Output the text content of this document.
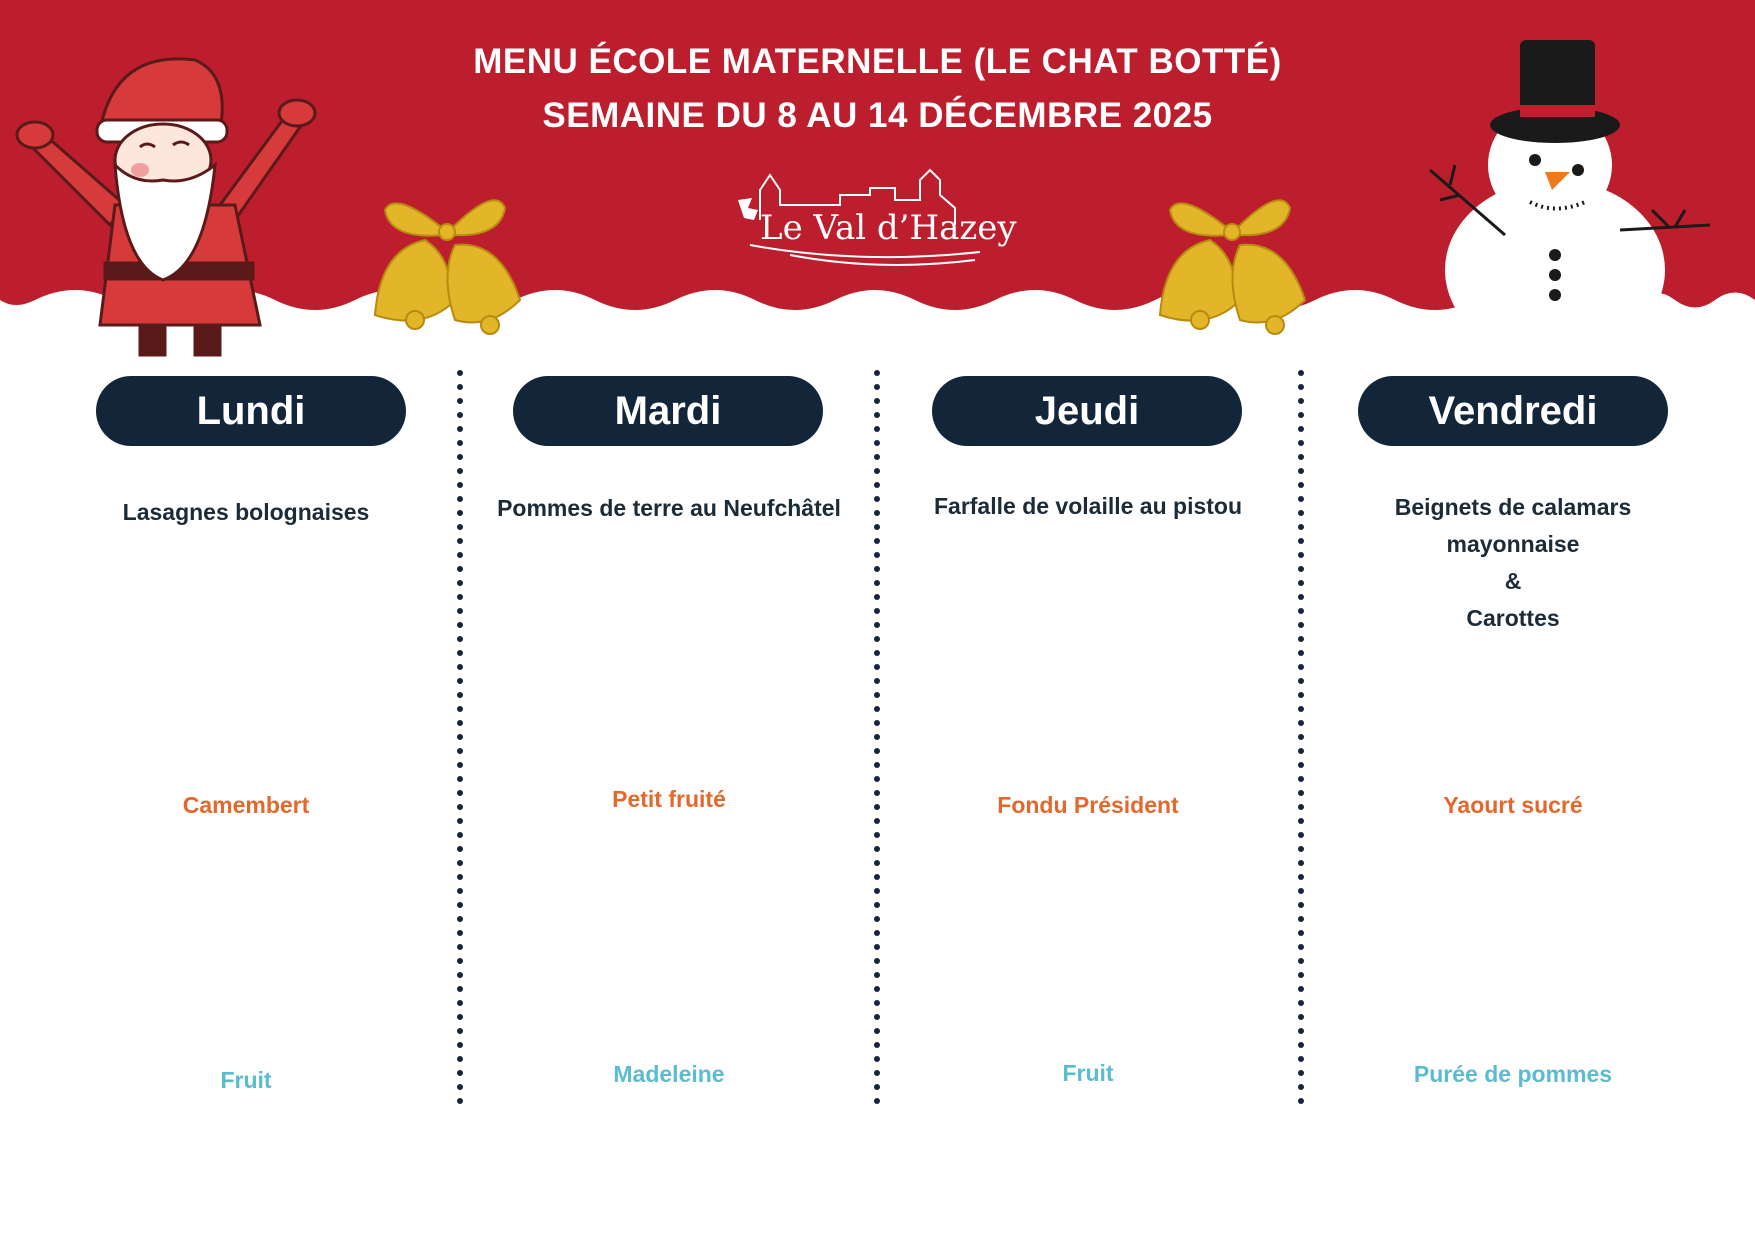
MENU ÉCOLE MATERNELLE (LE CHAT BOTTÉ)
SEMAINE DU 8 AU 14 DÉCEMBRE 2025
Le Val d’Hazey
Lundi	Mardi	Jeudi	Vendredi
Lasagnes bolognaises
Camembert
Fruit
Pommes de terre au Neufchâtel
Petit fruité
Madeleine
Farfalle de volaille au pistou
Fondu Président
Fruit
Beignets de calamars
mayonnaise
&
Carottes
Yaourt sucré
Purée de pommes
